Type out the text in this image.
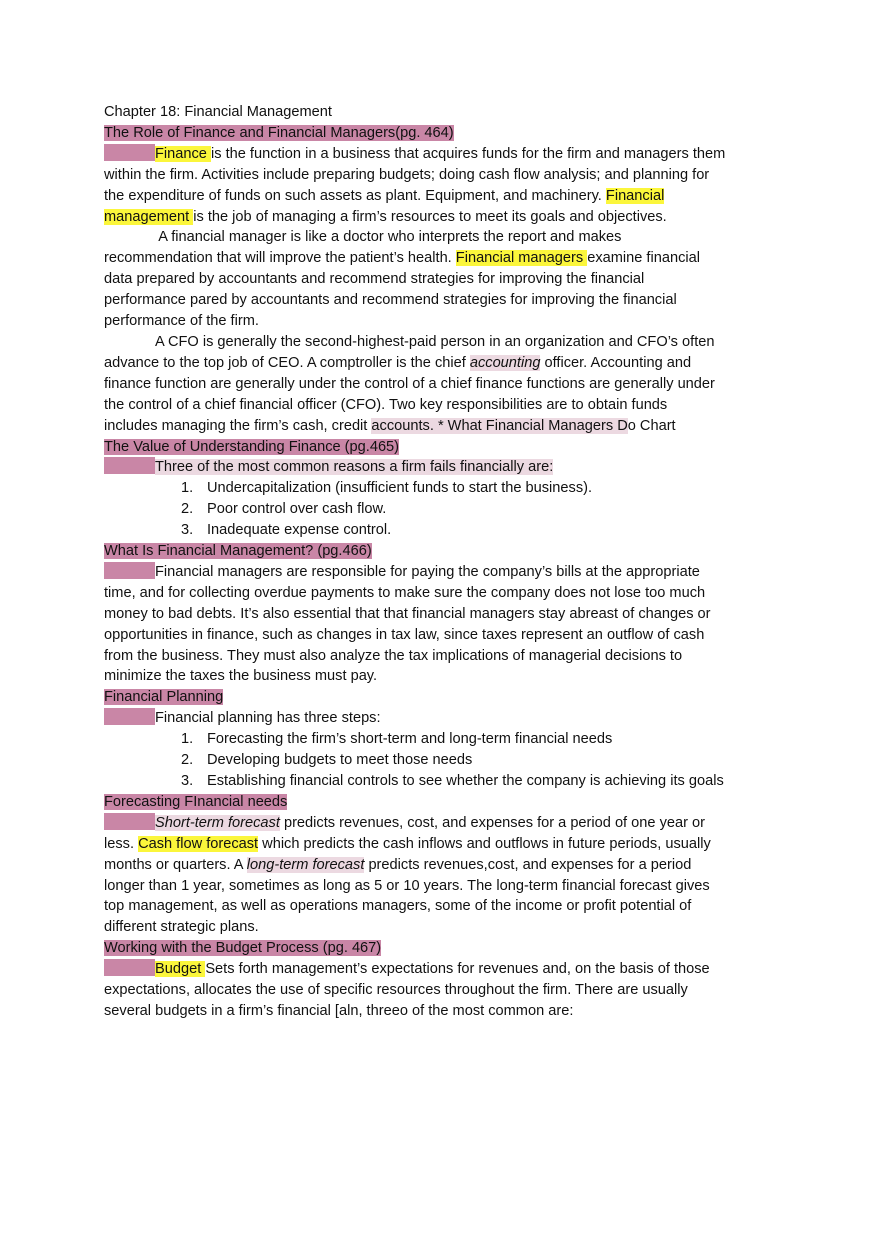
Chapter 18: Financial Management
The Role of Finance and Financial Managers(pg. 464)
Finance is the function in a business that acquires funds for the firm and managers them
within the firm. Activities include preparing budgets; doing cash flow analysis; and planning for
the expenditure of funds on such assets as plant. Equipment, and machinery. Financial
management is the job of managing a firm’s resources to meet its goals and objectives.
A financial manager is like a doctor who interprets the report and makes
recommendation that will improve the patient’s health. Financial managers examine financial
data prepared by accountants and recommend strategies for improving the financial
performance pared by accountants and recommend strategies for improving the financial
performance of the firm.
A CFO is generally the second-highest-paid person in an organization and CFO’s often
advance to the top job of CEO. A comptroller is the chief accounting officer. Accounting and
finance function are generally under the control of a chief finance functions are generally under
the control of a chief financial officer (CFO). Two key responsibilities are to obtain funds
includes managing the firm’s cash, credit accounts. * What Financial Managers Do Chart
The Value of Understanding Finance (pg.465)
Three of the most common reasons a firm fails financially are:
1. Undercapitalization (insufficient funds to start the business).
2. Poor control over cash flow.
3. Inadequate expense control.
What Is Financial Management? (pg.466)
Financial managers are responsible for paying the company’s bills at the appropriate
time, and for collecting overdue payments to make sure the company does not lose too much
money to bad debts. It’s also essential that that financial managers stay abreast of changes or
opportunities in finance, such as changes in tax law, since taxes represent an outflow of cash
from the business. They must also analyze the tax implications of managerial decisions to
minimize the taxes the business must pay.
Financial Planning
Financial planning has three steps:
1. Forecasting the firm’s short-term and long-term financial needs
2. Developing budgets to meet those needs
3. Establishing financial controls to see whether the company is achieving its goals
Forecasting FInancial needs
Short-term forecast predicts revenues, cost, and expenses for a period of one year or
less. Cash flow forecast which predicts the cash inflows and outflows in future periods, usually
months or quarters. A long-term forecast predicts revenues,cost, and expenses for a period
longer than 1 year, sometimes as long as 5 or 10 years. The long-term financial forecast gives
top management, as well as operations managers, some of the income or profit potential of
different strategic plans.
Working with the Budget Process (pg. 467)
Budget Sets forth management’s expectations for revenues and, on the basis of those
expectations, allocates the use of specific resources throughout the firm. There are usually
several budgets in a firm’s financial [aln, threeo of the most common are:
